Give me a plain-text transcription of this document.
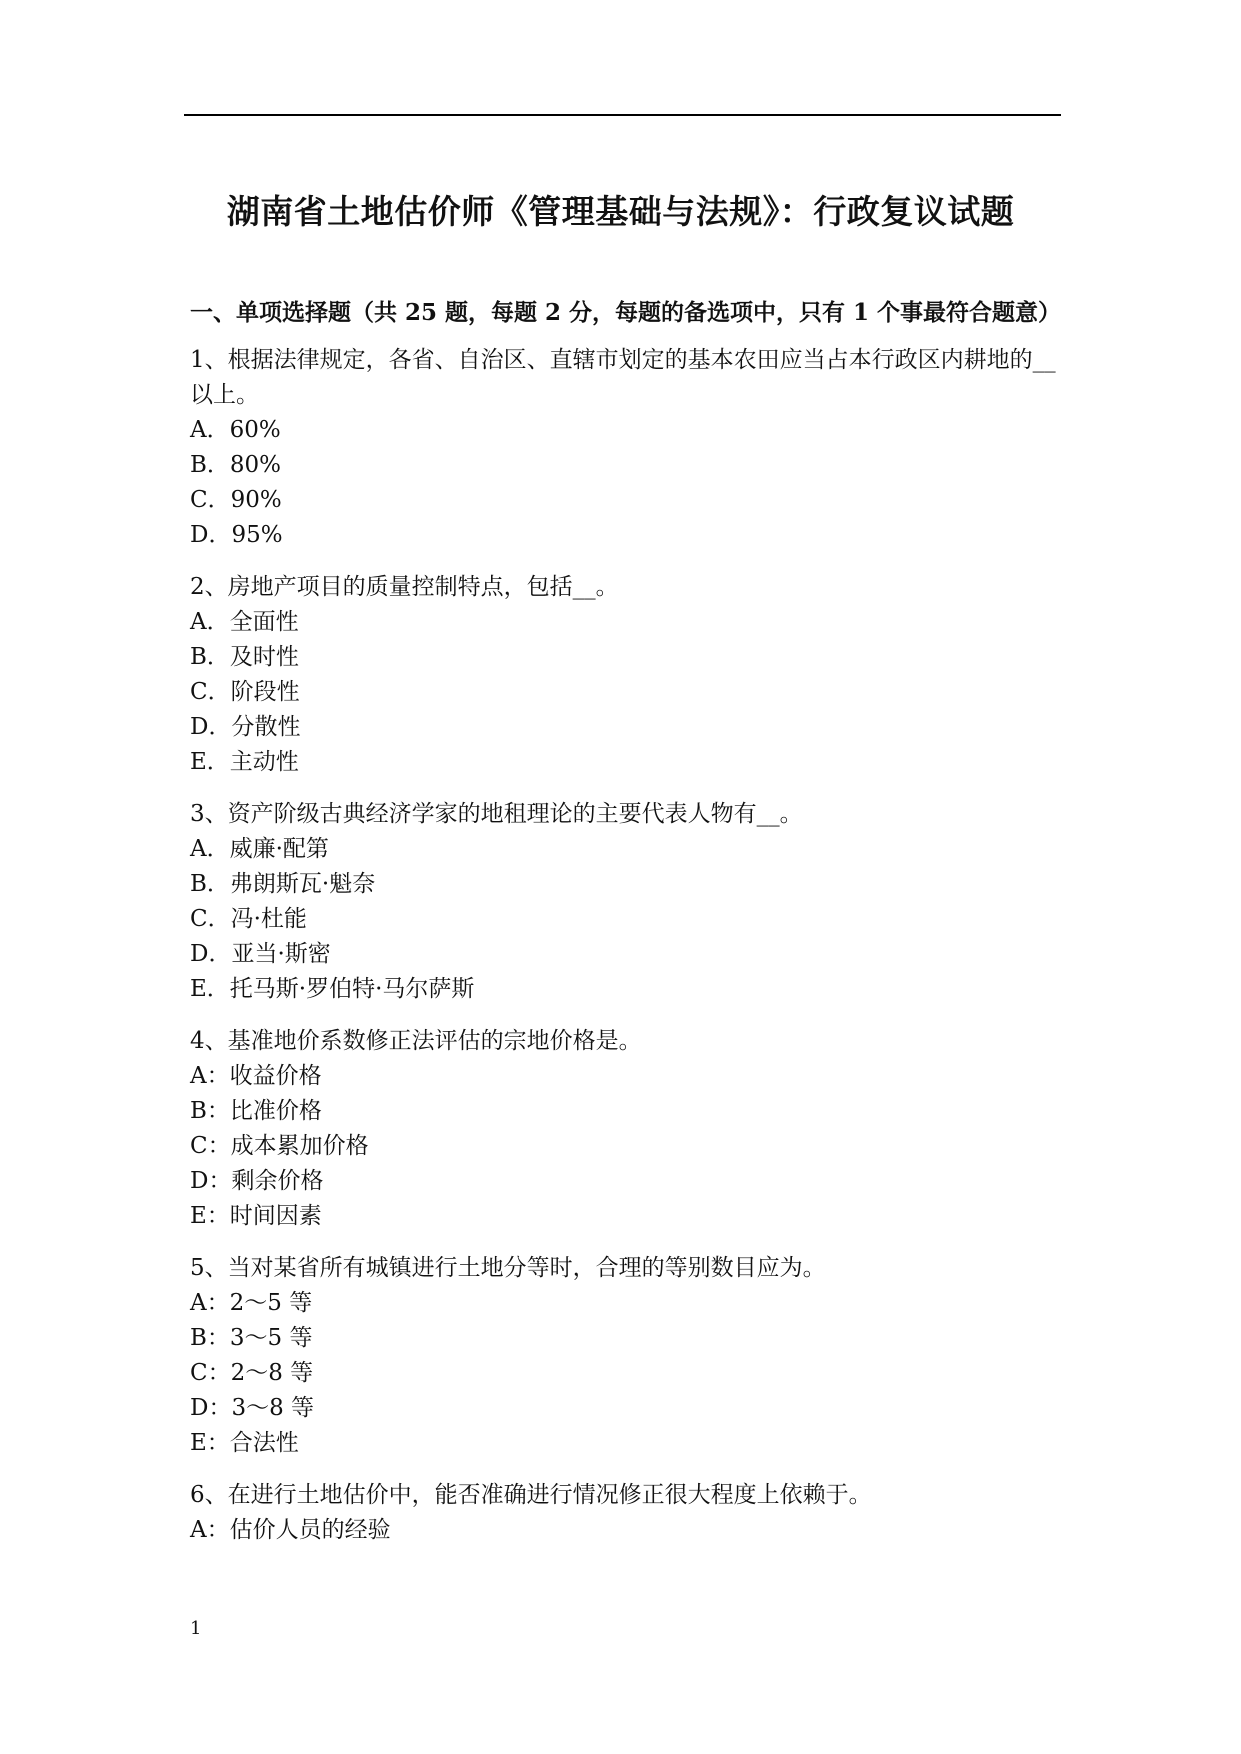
湖南省土地估价师《管理基础与法规》：行政复议试题
一、单项选择题（共 25 题，每题 2 分，每题的备选项中，只有 1 个事最符合题意）
1、根据法律规定，各省、自治区、直辖市划定的基本农田应当占本行政区内耕地的__以上。
A．60%
B．80%
C．90%
D．95%
2、房地产项目的质量控制特点，包括__。
A．全面性
B．及时性
C．阶段性
D．分散性
E．主动性
3、资产阶级古典经济学家的地租理论的主要代表人物有__。
A．威廉·配第
B．弗朗斯瓦·魁奈
C．冯·杜能
D．亚当·斯密
E．托马斯·罗伯特·马尔萨斯
4、基准地价系数修正法评估的宗地价格是。
A：收益价格
B：比准价格
C：成本累加价格
D：剩余价格
E：时间因素
5、当对某省所有城镇进行土地分等时，合理的等别数目应为。
A：2～5 等
B：3～5 等
C：2～8 等
D：3～8 等
E：合法性
6、在进行土地估价中，能否准确进行情况修正很大程度上依赖于。
A：估价人员的经验
1
